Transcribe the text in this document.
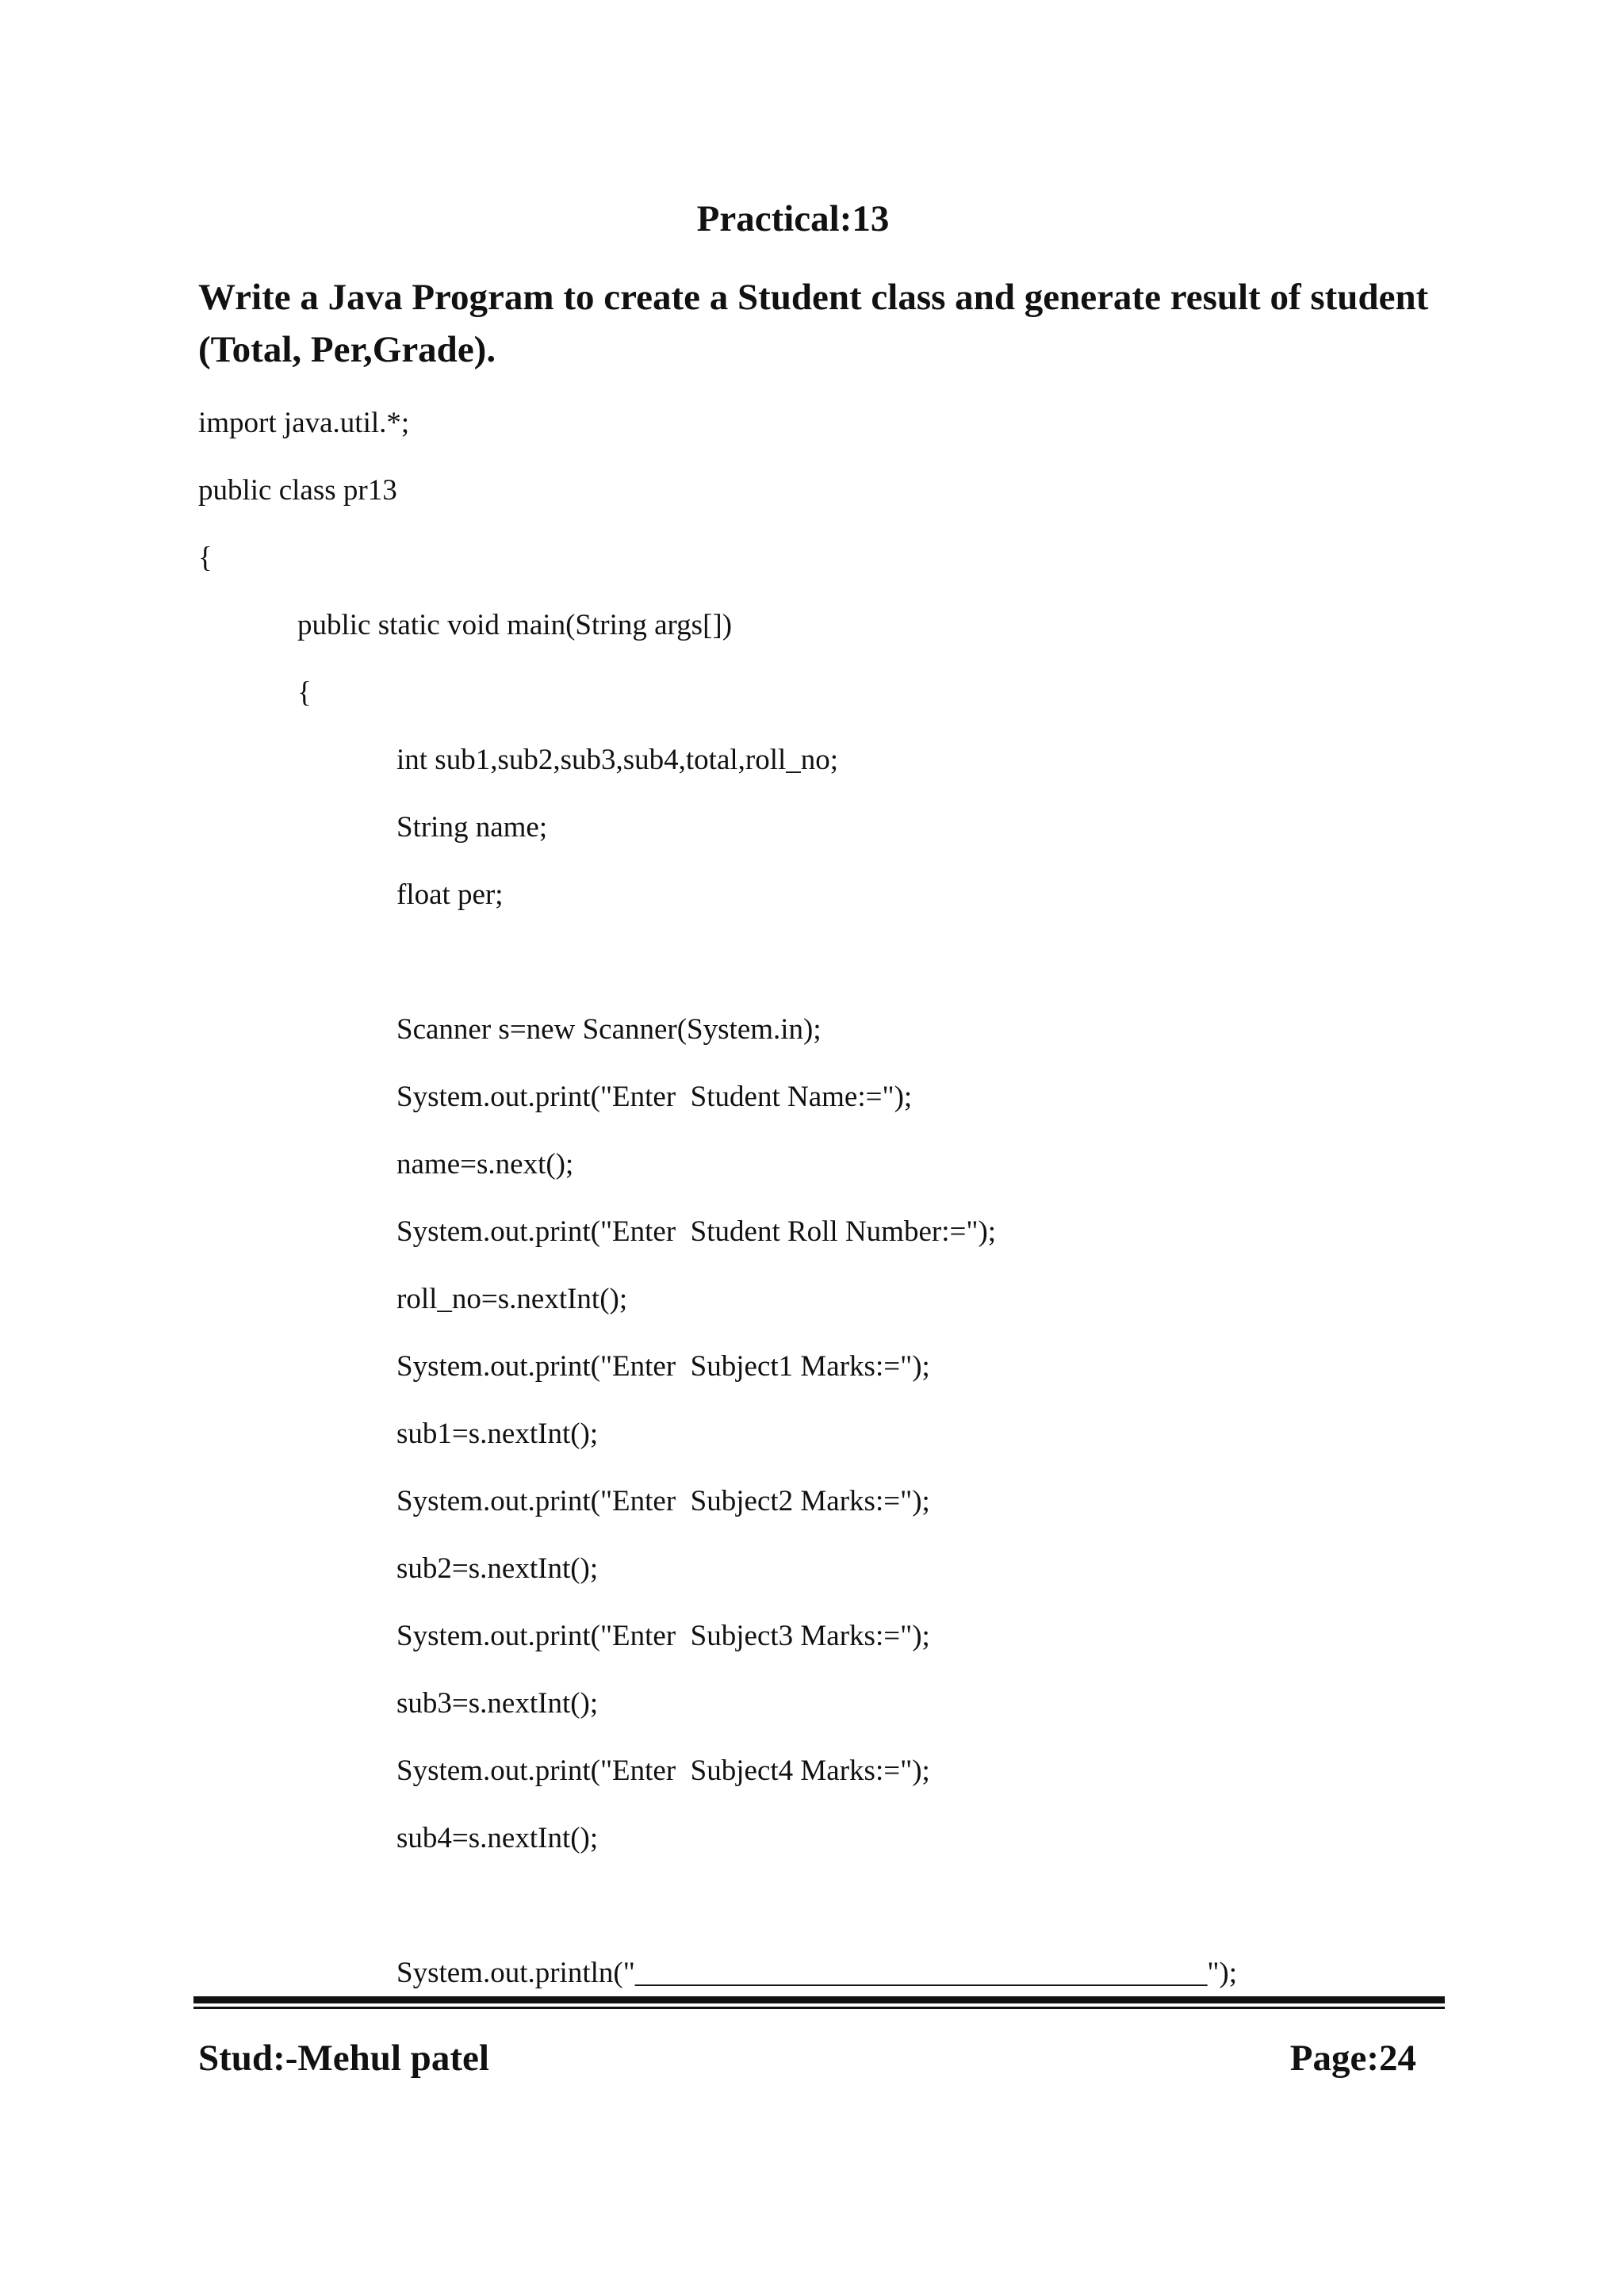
Practical:13
Write a Java Program to create a Student class and generate result of student (Total, Per,Grade).
import java.util.*;
public class pr13
{
public static void main(String args[])
{
int sub1,sub2,sub3,sub4,total,roll_no;
String name;
float per;
Scanner s=new Scanner(System.in);
System.out.print("Enter  Student Name:=");
name=s.next();
System.out.print("Enter  Student Roll Number:=");
roll_no=s.nextInt();
System.out.print("Enter  Subject1 Marks:=");
sub1=s.nextInt();
System.out.print("Enter  Subject2 Marks:=");
sub2=s.nextInt();
System.out.print("Enter  Subject3 Marks:=");
sub3=s.nextInt();
System.out.print("Enter  Subject4 Marks:=");
sub4=s.nextInt();
System.out.println("_______________________________________");
Stud:-Mehul patel	Page:24
